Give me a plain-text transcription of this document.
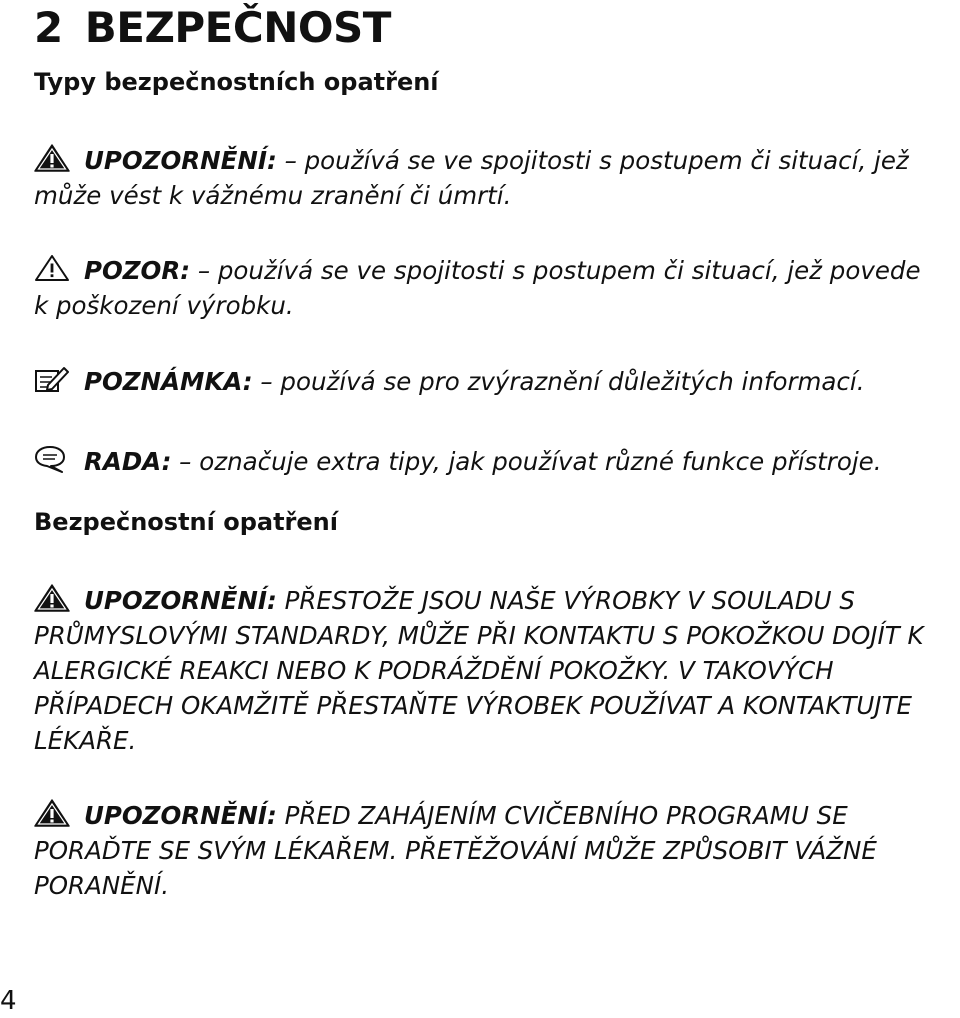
2 BEZPEČNOST
Typy bezpečnostních opatření
UPOZORNĚNÍ: – používá se ve spojitosti s postupem či situací, jež může vést k vážnému zranění či úmrtí.
POZOR: – používá se ve spojitosti s postupem či situací, jež povede k poškození výrobku.
POZNÁMKA: – používá se pro zvýraznění důležitých informací.
RADA: – označuje extra tipy, jak používat různé funkce přístroje.
Bezpečnostní opatření
UPOZORNĚNÍ: PŘESTOŽE JSOU NAŠE VÝROBKY V SOULADU S PRŮMYSLOVÝMI STANDARDY, MŮŽE PŘI KONTAKTU S POKOŽKOU DOJÍT K ALERGICKÉ REAKCI NEBO K PODRÁŽDĚNÍ POKOŽKY. V TAKOVÝCH PŘÍPADECH OKAMŽITĚ PŘESTAŇTE VÝROBEK POUŽÍVAT A KONTAKTUJTE LÉKAŘE.
UPOZORNĚNÍ: PŘED ZAHÁJENÍM CVIČEBNÍHO PROGRAMU SE PORAĎTE SE SVÝM LÉKAŘEM. PŘETĚŽOVÁNÍ MŮŽE ZPŮSOBIT VÁŽNÉ PORANĚNÍ.
4
